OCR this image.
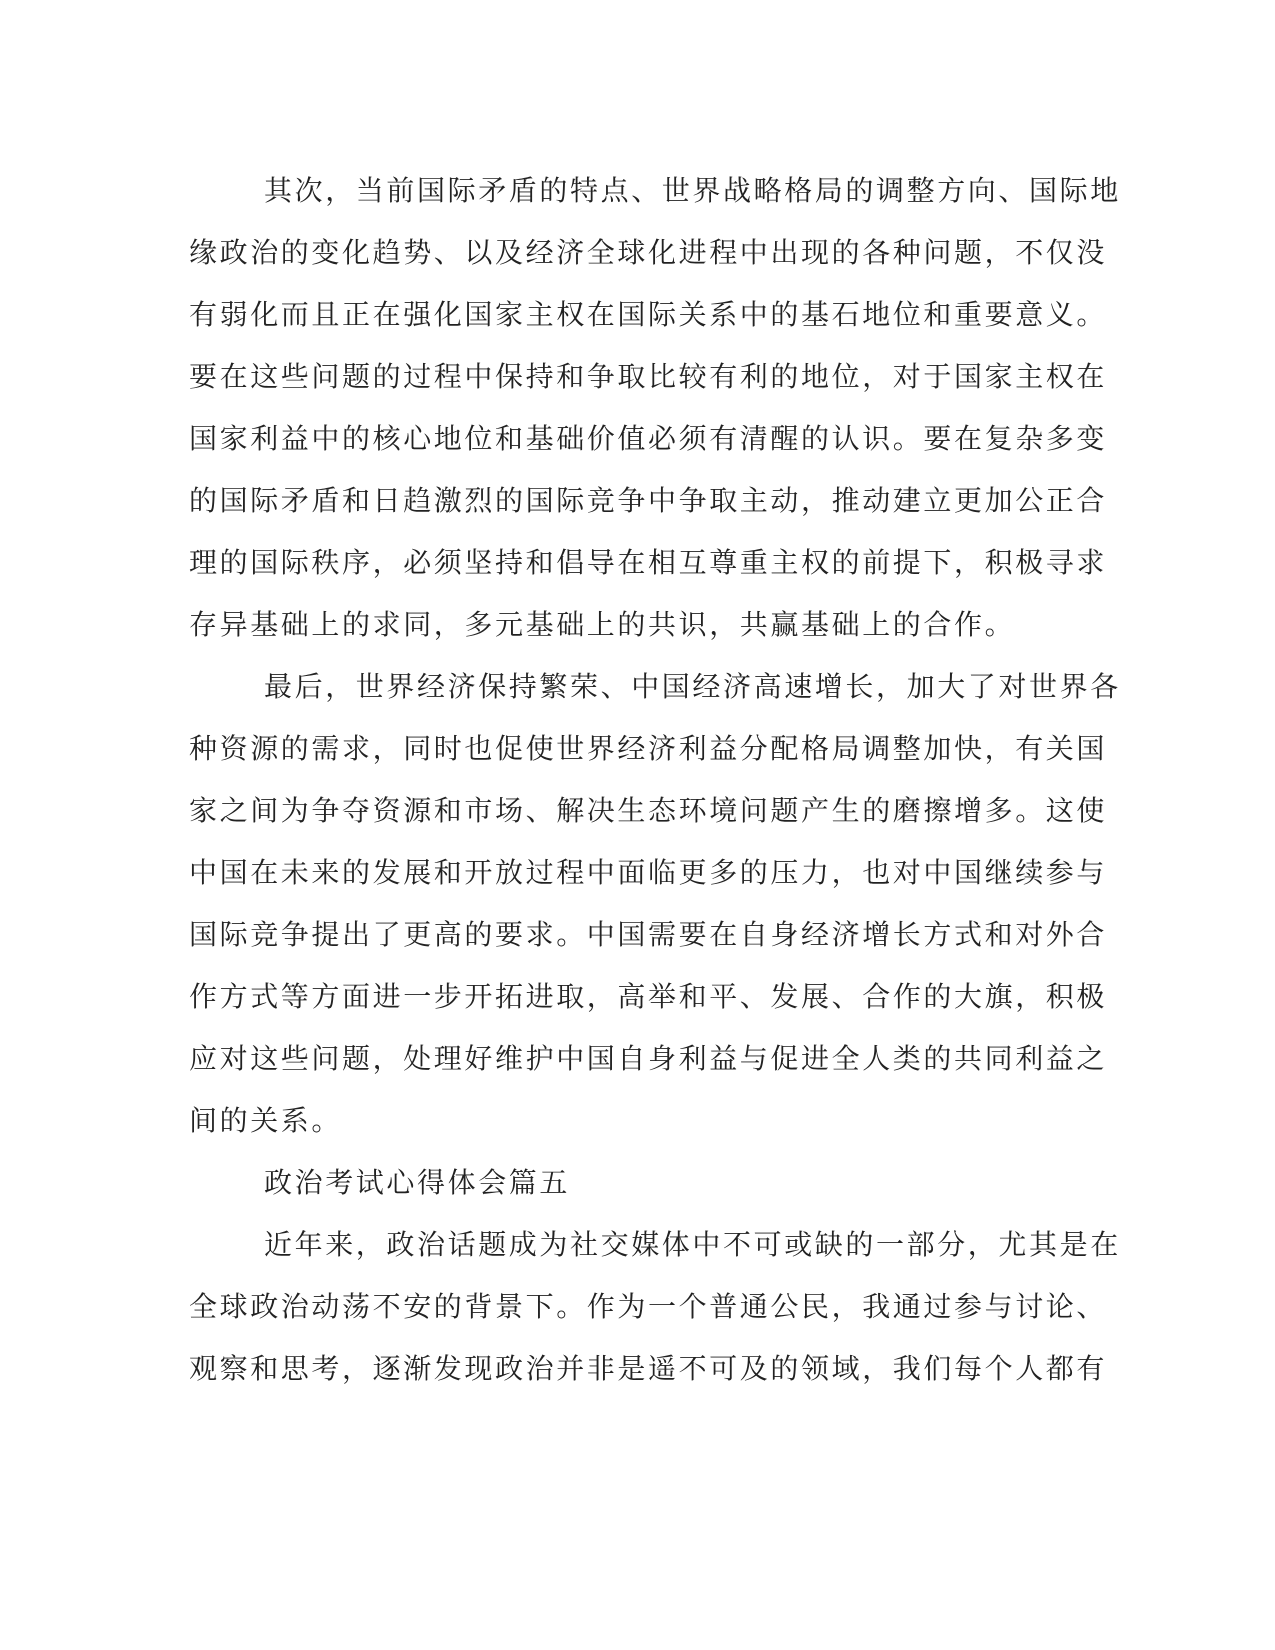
其次，当前国际矛盾的特点、世界战略格局的调整方向、国际地
缘政治的变化趋势、以及经济全球化进程中出现的各种问题，不仅没
有弱化而且正在强化国家主权在国际关系中的基石地位和重要意义。
要在这些问题的过程中保持和争取比较有利的地位，对于国家主权在
国家利益中的核心地位和基础价值必须有清醒的认识。要在复杂多变
的国际矛盾和日趋激烈的国际竞争中争取主动，推动建立更加公正合
理的国际秩序，必须坚持和倡导在相互尊重主权的前提下，积极寻求
存异基础上的求同，多元基础上的共识，共赢基础上的合作。
最后，世界经济保持繁荣、中国经济高速增长，加大了对世界各
种资源的需求，同时也促使世界经济利益分配格局调整加快，有关国
家之间为争夺资源和市场、解决生态环境问题产生的磨擦增多。这使
中国在未来的发展和开放过程中面临更多的压力，也对中国继续参与
国际竞争提出了更高的要求。中国需要在自身经济增长方式和对外合
作方式等方面进一步开拓进取，高举和平、发展、合作的大旗，积极
应对这些问题，处理好维护中国自身利益与促进全人类的共同利益之
间的关系。
政治考试心得体会篇五
近年来，政治话题成为社交媒体中不可或缺的一部分，尤其是在
全球政治动荡不安的背景下。作为一个普通公民，我通过参与讨论、
观察和思考，逐渐发现政治并非是遥不可及的领域，我们每个人都有
